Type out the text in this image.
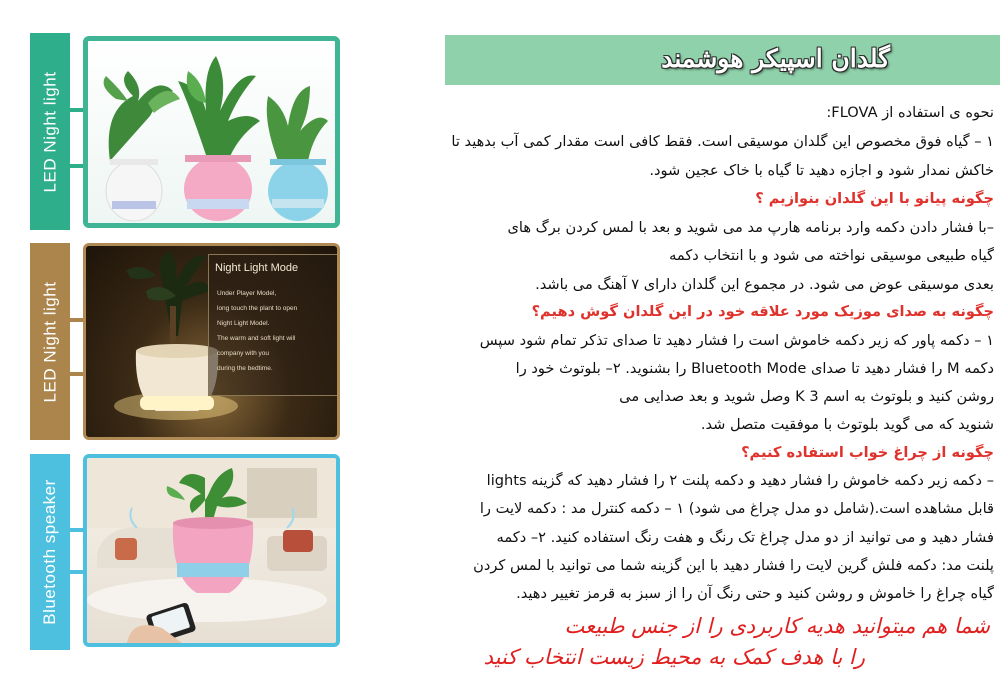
LED Night light
LED Night light
Bluetooth speaker
Night Light Mode
Under Player Model,
long touch the plant to open
Night Light Model.
The warm and soft light will
company with you
during the bedtime.
گلدان اسپیکر هوشمند
نحوه ی استفاده از FLOVA:
۱ – گیاه فوق مخصوص این گلدان موسیقی است. فقط کافی است مقدار کمی آب بدهید تا
خاکش نمدار شود و اجازه دهید تا گیاه با خاک عجین شود.
چگونه پیانو با این گلدان بنوازیم ؟
–با فشار دادن دکمه وارد برنامه هارپ مد می شوید و بعد با لمس کردن برگ های
گیاه طبیعی موسیقی نواخته می شود و با انتخاب دکمه
بعدی موسیقی عوض می شود. در مجموع این گلدان دارای ۷ آهنگ می باشد.
چگونه به صدای موزیک مورد علاقه خود در این گلدان گوش دهیم؟
۱ – دکمه پاور که زیر دکمه خاموش است را فشار دهید تا صدای تذکر تمام شود سپس
دکمه M را فشار دهید تا صدای Bluetooth Mode را بشنوید. ۲– بلوتوث خود را
روشن کنید و بلوتوث به اسم K 3 وصل شوید و بعد صدایی می
شنوید که می گوید بلوتوث با موفقیت متصل شد.
چگونه از چراغ خواب استفاده کنیم؟
– دکمه زیر دکمه خاموش را فشار دهید و دکمه پلنت ۲ را فشار دهید که گزینه lights
قابل مشاهده است.(شامل دو مدل چراغ می شود) ۱ – دکمه کنترل مد : دکمه لایت را
فشار دهید و می توانید از دو مدل چراغ تک رنگ و هفت رنگ استفاده کنید. ۲– دکمه
پلنت مد: دکمه فلش گرین لایت را فشار دهید با این گزینه شما می توانید با لمس کردن
گیاه چراغ را خاموش و روشن کنید و حتی رنگ آن را از سبز به قرمز تغییر دهید.
شما هم میتوانید هدیه کاربردی را از جنس طبیعت
را با هدف کمک به محیط زیست انتخاب کنید
